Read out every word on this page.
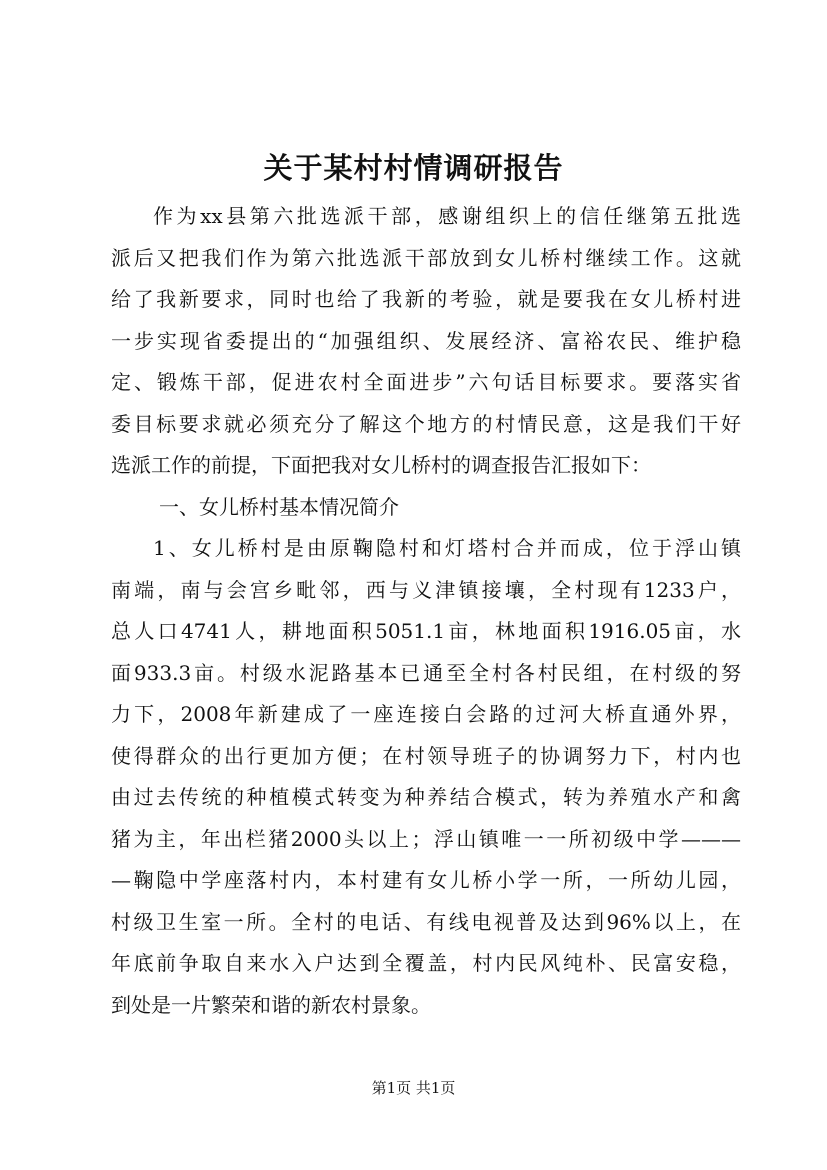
关于某村村情调研报告
作为xx县第六批选派干部，感谢组织上的信任继第五批选
派后又把我们作为第六批选派干部放到女儿桥村继续工作。这就
给了我新要求，同时也给了我新的考验，就是要我在女儿桥村进
一步实现省委提出的“加强组织、发展经济、富裕农民、维护稳
定、锻炼干部，促进农村全面进步”六句话目标要求。要落实省
委目标要求就必须充分了解这个地方的村情民意，这是我们干好
选派工作的前提，下面把我对女儿桥村的调查报告汇报如下：
一、女儿桥村基本情况简介
1、女儿桥村是由原鞠隐村和灯塔村合并而成，位于浮山镇
南端，南与会宫乡毗邻，西与义津镇接壤，全村现有1233户，
总人口4741人，耕地面积5051.1亩，林地面积1916.05亩，水
面933.3亩。村级水泥路基本已通至全村各村民组，在村级的努
力下，2008年新建成了一座连接白会路的过河大桥直通外界，
使得群众的出行更加方便；在村领导班子的协调努力下，村内也
由过去传统的种植模式转变为种养结合模式，转为养殖水产和禽
猪为主，年出栏猪2000头以上；浮山镇唯一一所初级中学———
—鞠隐中学座落村内，本村建有女儿桥小学一所，一所幼儿园，
村级卫生室一所。全村的电话、有线电视普及达到96%以上，在
年底前争取自来水入户达到全覆盖，村内民风纯朴、民富安稳，
到处是一片繁荣和谐的新农村景象。
第1页 共1页
